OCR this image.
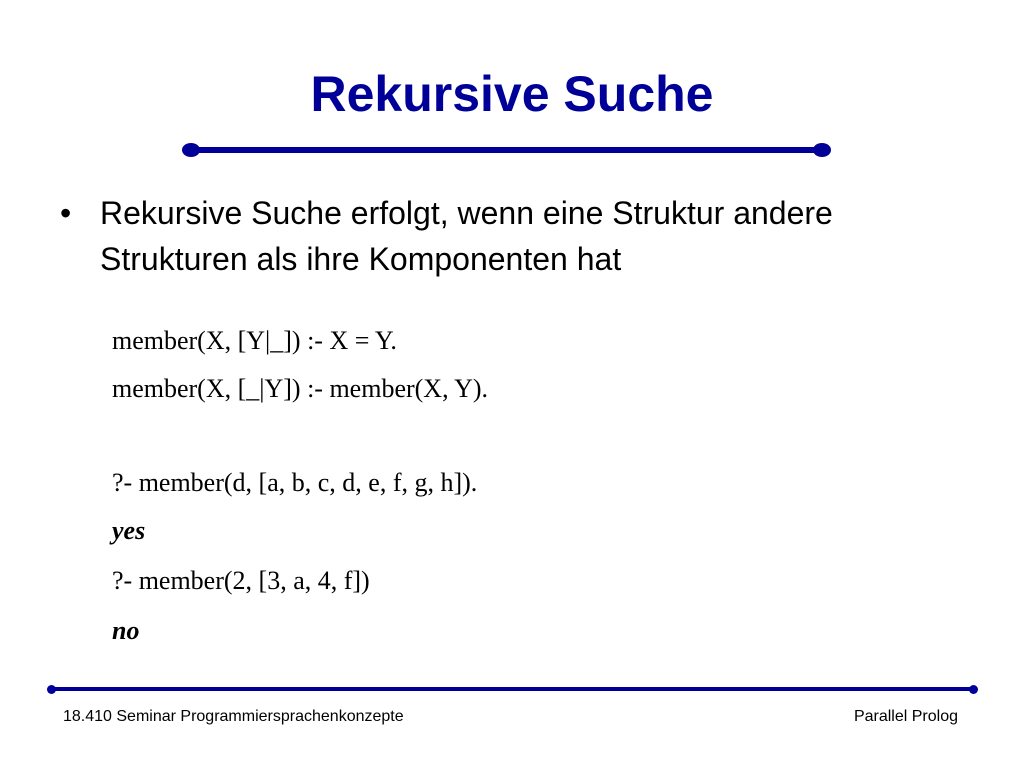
Rekursive Suche
• Rekursive Suche erfolgt, wenn eine Struktur andere Strukturen als ihre Komponenten hat
member(X, [Y|_]) :- X = Y.
member(X, [_|Y]) :- member(X, Y).
?- member(d, [a, b, c, d, e, f, g, h]).
yes
?- member(2, [3, a, 4, f])
no
18.410 Seminar Programmiersprachenkonzepte	Parallel Prolog
